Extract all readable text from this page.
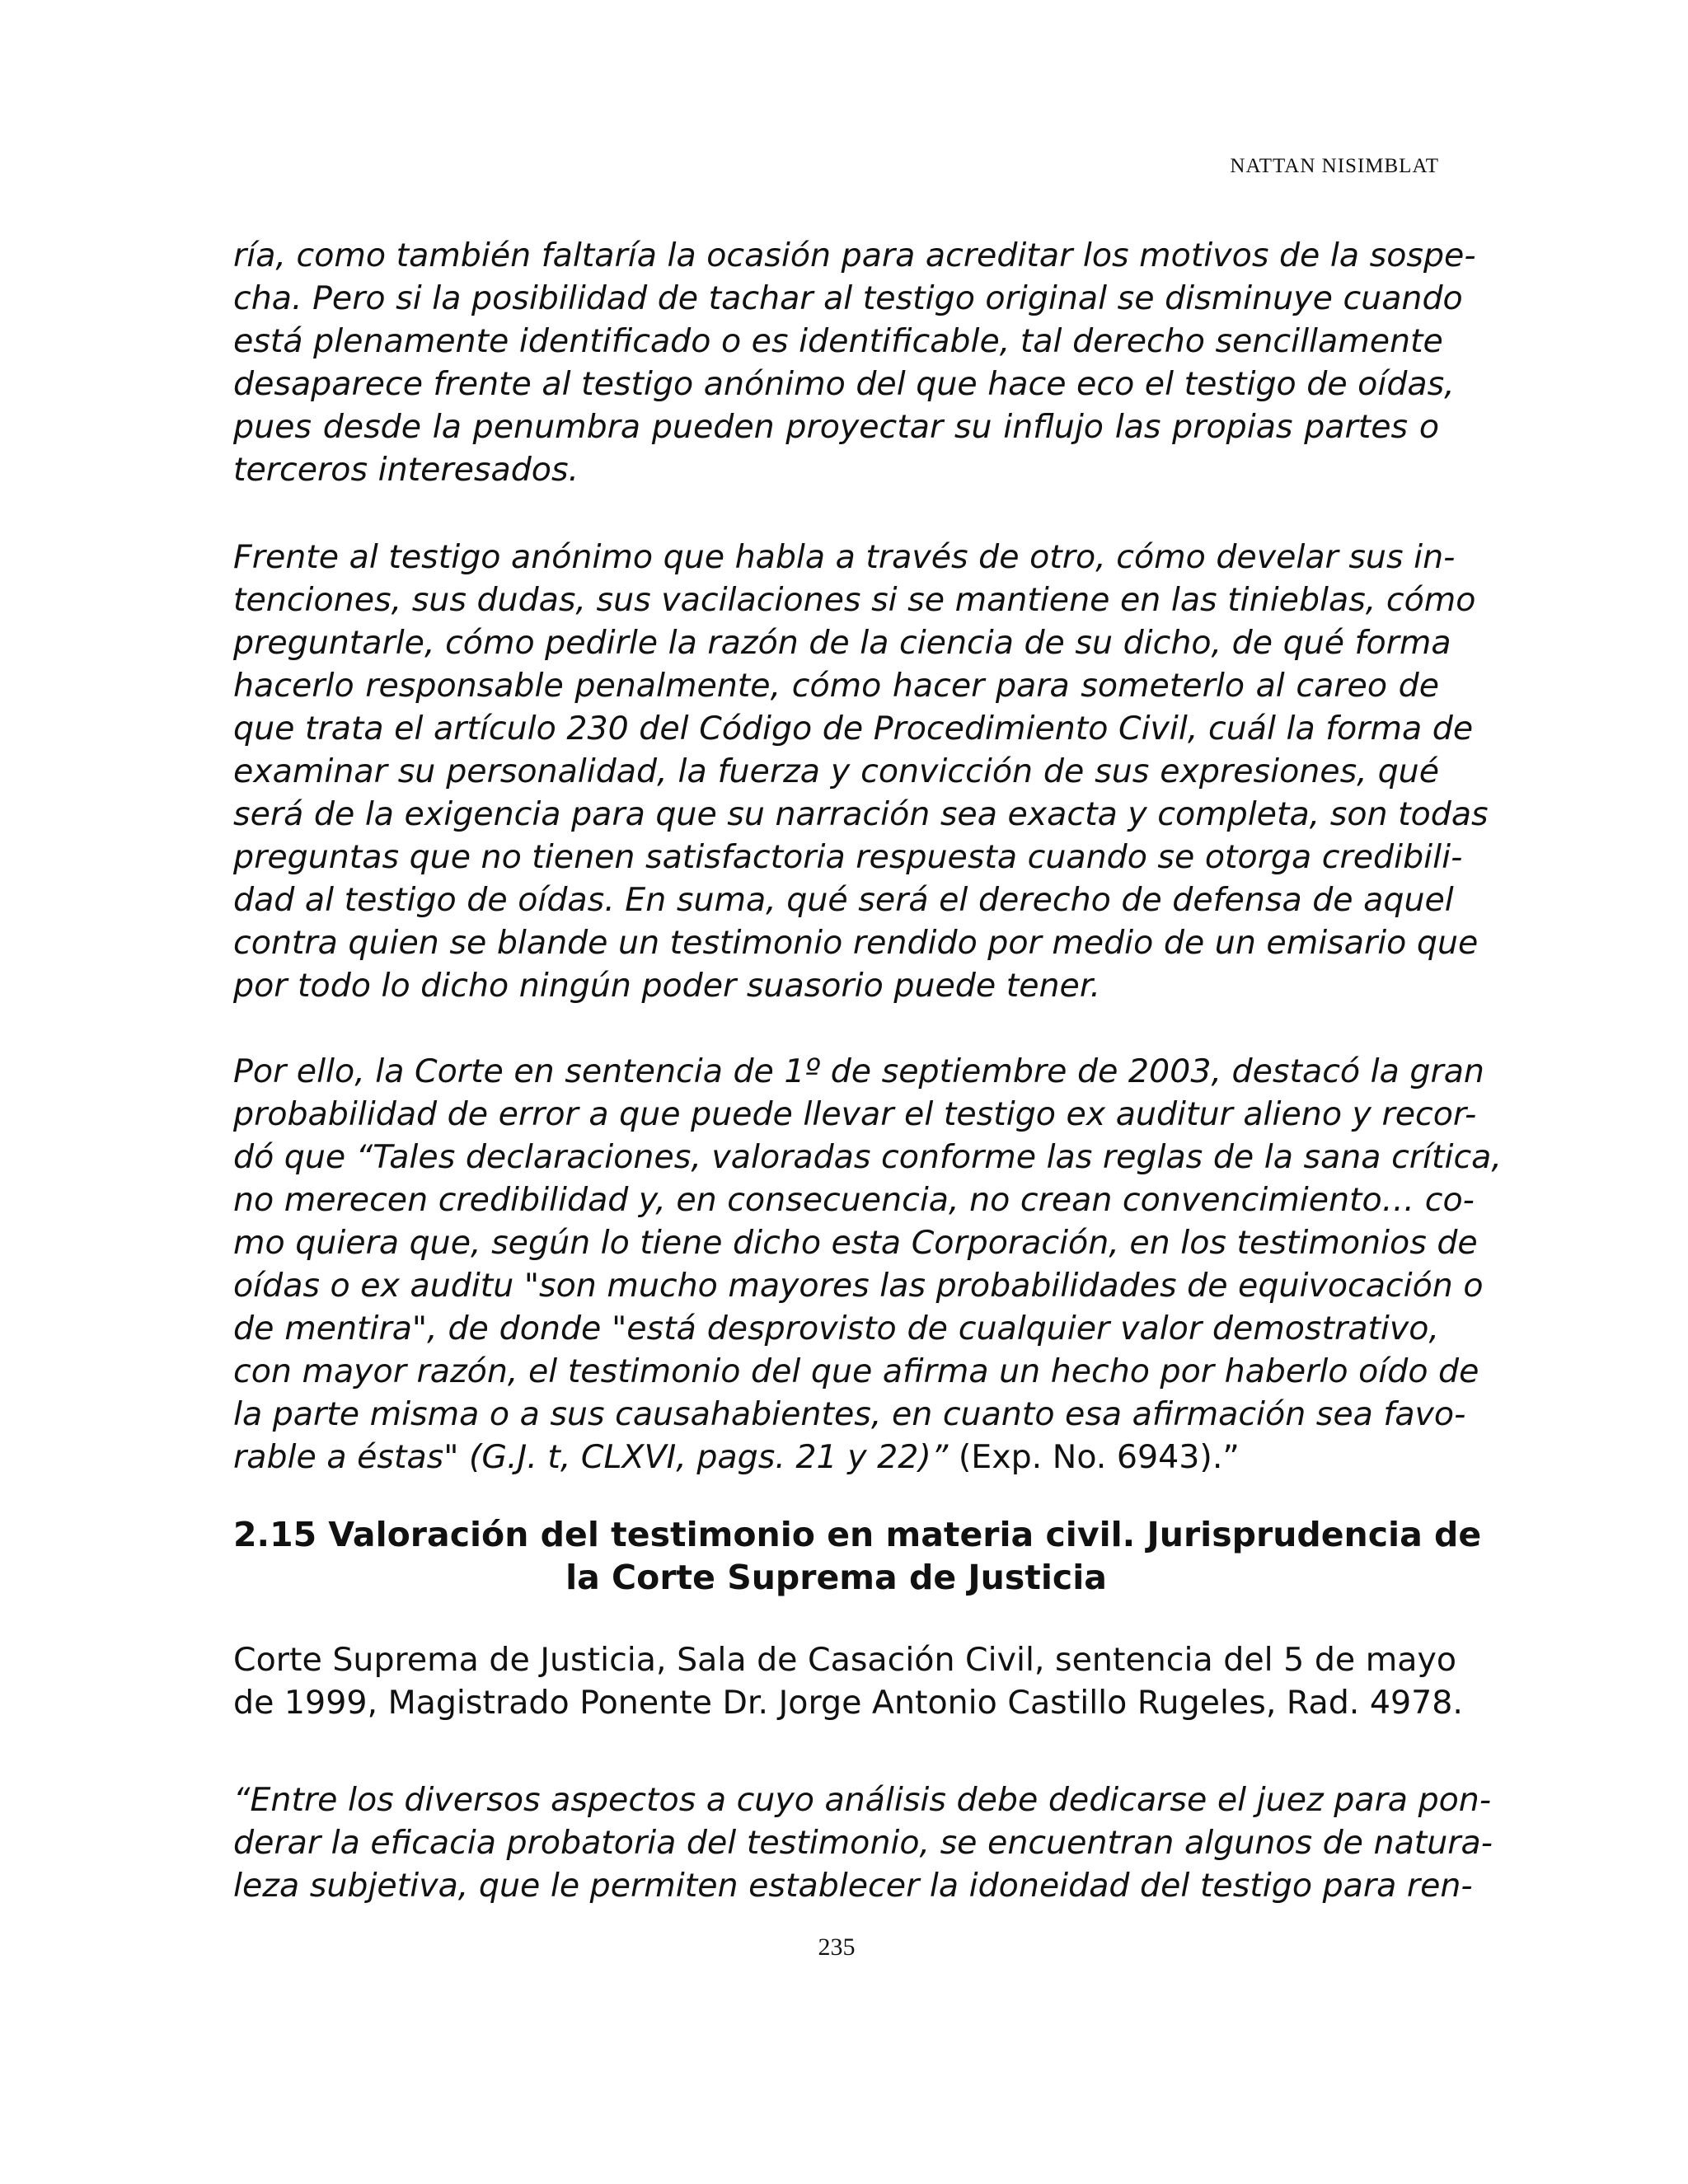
NATTAN NISIMBLAT
ría, como también faltaría la ocasión para acreditar los motivos de la sospe-
cha. Pero si la posibilidad de tachar al testigo original se disminuye cuando
está plenamente identificado o es identificable, tal derecho sencillamente
desaparece frente al testigo anónimo del que hace eco el testigo de oídas,
pues desde la penumbra pueden proyectar su influjo las propias partes o
terceros interesados.
Frente al testigo anónimo que habla a través de otro, cómo develar sus in-
tenciones, sus dudas, sus vacilaciones si se mantiene en las tinieblas, cómo
preguntarle, cómo pedirle la razón de la ciencia de su dicho, de qué forma
hacerlo responsable penalmente, cómo hacer para someterlo al careo de
que trata el artículo 230 del Código de Procedimiento Civil, cuál la forma de
examinar su personalidad, la fuerza y convicción de sus expresiones, qué
será de la exigencia para que su narración sea exacta y completa, son todas
preguntas que no tienen satisfactoria respuesta cuando se otorga credibili-
dad al testigo de oídas. En suma, qué será el derecho de defensa de aquel
contra quien se blande un testimonio rendido por medio de un emisario que
por todo lo dicho ningún poder suasorio puede tener.
Por ello, la Corte en sentencia de 1º de septiembre de 2003, destacó la gran
probabilidad de error a que puede llevar el testigo ex auditur alieno y recor-
dó que “Tales declaraciones, valoradas conforme las reglas de la sana crítica,
no merecen credibilidad y, en consecuencia, no crean convencimiento… co-
mo quiera que, según lo tiene dicho esta Corporación, en los testimonios de
oídas o ex auditu "son mucho mayores las probabilidades de equivocación o
de mentira", de donde "está desprovisto de cualquier valor demostrativo,
con mayor razón, el testimonio del que afirma un hecho por haberlo oído de
la parte misma o a sus causahabientes, en cuanto esa afirmación sea favo-
rable a éstas" (G.J. t, CLXVI, pags. 21 y 22)” (Exp. No. 6943).”
2.15 Valoración del testimonio en materia civil. Jurisprudencia de
la Corte Suprema de Justicia
Corte Suprema de Justicia, Sala de Casación Civil, sentencia del 5 de mayo
de 1999, Magistrado Ponente Dr. Jorge Antonio Castillo Rugeles, Rad. 4978.
“Entre los diversos aspectos a cuyo análisis debe dedicarse el juez para pon-
derar la eficacia probatoria del testimonio, se encuentran algunos de natura-
leza subjetiva, que le permiten establecer la idoneidad del testigo para ren-
235
